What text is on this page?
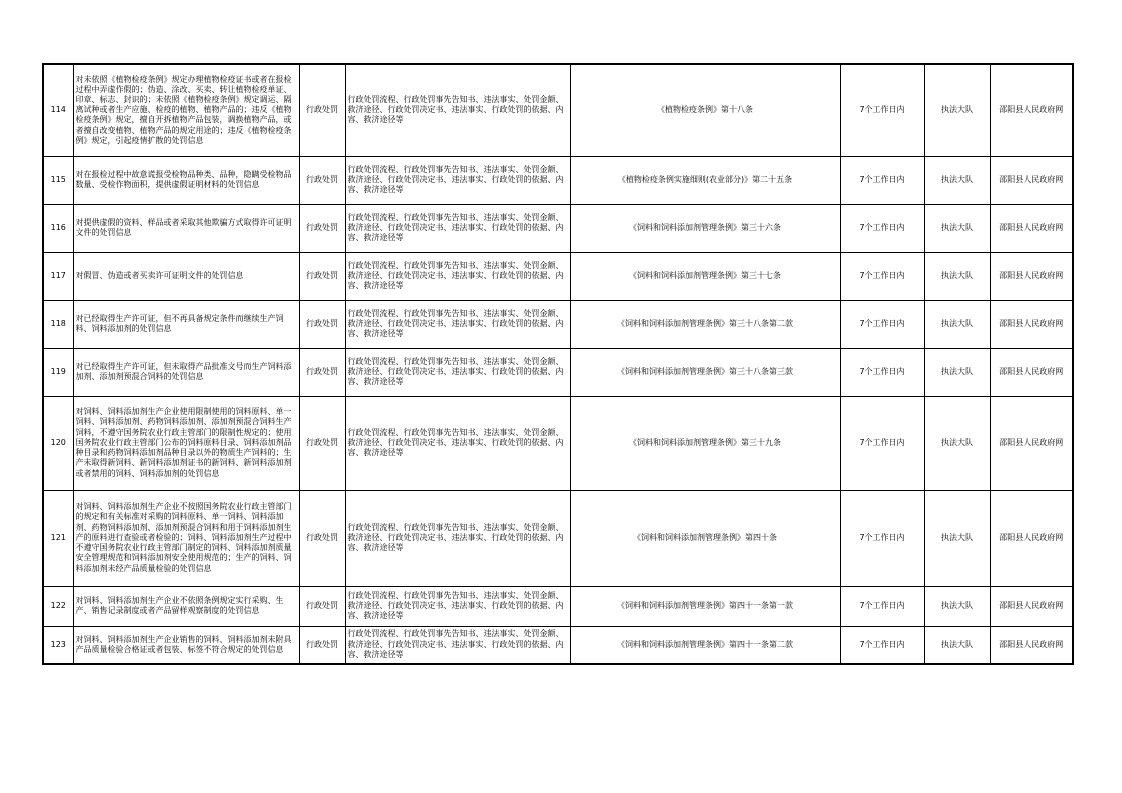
114	对未依照《植物检疫条例》规定办理植物检疫证书或者在报检过程中弄虚作假的；伪造、涂改、买卖、转让植物检疫单证、印章、标志、封识的；未依照《植物检疫条例》规定调运、隔离试种或者生产应施、检疫的植物、植物产品的；违反《植物检疫条例》规定，擅自开拆植物产品包装，调换植物产品，或者擅自改变植物、植物产品的规定用途的；违反《植物检疫条例》规定，引起疫情扩散的处罚信息	行政处罚	行政处罚流程、行政处罚事先告知书、违法事实、处罚金额、救济途径、行政处罚决定书、违法事实、行政处罚的依据、内容、救济途径等	《植物检疫条例》第十八条	7个工作日内	执法大队	邵阳县人民政府网
115	对在报检过程中故意谎报受检物品种类、品种，隐瞒受检物品数量、受检作物面积，提供虚假证明材料的处罚信息	行政处罚	行政处罚流程、行政处罚事先告知书、违法事实、处罚金额、救济途径、行政处罚决定书、违法事实、行政处罚的依据、内容、救济途径等	《植物检疫条例实施细则(农业部分)》第二十五条	7个工作日内	执法大队	邵阳县人民政府网
116	对提供虚假的资料、样品或者采取其他欺骗方式取得许可证明文件的处罚信息	行政处罚	行政处罚流程、行政处罚事先告知书、违法事实、处罚金额、救济途径、行政处罚决定书、违法事实、行政处罚的依据、内容、救济途径等	《饲料和饲料添加剂管理条例》第三十六条	7个工作日内	执法大队	邵阳县人民政府网
117	对假冒、伪造或者买卖许可证明文件的处罚信息	行政处罚	行政处罚流程、行政处罚事先告知书、违法事实、处罚金额、救济途径、行政处罚决定书、违法事实、行政处罚的依据、内容、救济途径等	《饲料和饲料添加剂管理条例》第三十七条	7个工作日内	执法大队	邵阳县人民政府网
118	对已经取得生产许可证，但不再具备规定条件而继续生产饲料、饲料添加剂的处罚信息	行政处罚	行政处罚流程、行政处罚事先告知书、违法事实、处罚金额、救济途径、行政处罚决定书、违法事实、行政处罚的依据、内容、救济途径等	《饲料和饲料添加剂管理条例》第三十八条第二款	7个工作日内	执法大队	邵阳县人民政府网
119	对已经取得生产许可证，但未取得产品批准文号而生产饲料添加剂、添加剂预混合饲料的处罚信息	行政处罚	行政处罚流程、行政处罚事先告知书、违法事实、处罚金额、救济途径、行政处罚决定书、违法事实、行政处罚的依据、内容、救济途径等	《饲料和饲料添加剂管理条例》第三十八条第三款	7个工作日内	执法大队	邵阳县人民政府网
120	对饲料、饲料添加剂生产企业使用限制使用的饲料原料、单一饲料、饲料添加剂、药物饲料添加剂、添加剂预混合饲料生产饲料，不遵守国务院农业行政主管部门的限制性规定的；使用国务院农业行政主管部门公布的饲料原料目录、饲料添加剂品种目录和药物饲料添加剂品种目录以外的物质生产饲料的；生产未取得新饲料、新饲料添加剂证书的新饲料、新饲料添加剂或者禁用的饲料、饲料添加剂的处罚信息	行政处罚	行政处罚流程、行政处罚事先告知书、违法事实、处罚金额、救济途径、行政处罚决定书、违法事实、行政处罚的依据、内容、救济途径等	《饲料和饲料添加剂管理条例》第三十九条	7个工作日内	执法大队	邵阳县人民政府网
121	对饲料、饲料添加剂生产企业不按照国务院农业行政主管部门的规定和有关标准对采购的饲料原料、单一饲料、饲料添加剂、药物饲料添加剂、添加剂预混合饲料和用于饲料添加剂生产的原料进行查验或者检验的；饲料、饲料添加剂生产过程中不遵守国务院农业行政主管部门制定的饲料、饲料添加剂质量安全管理规范和饲料添加剂安全使用规范的；生产的饲料、饲料添加剂未经产品质量检验的处罚信息	行政处罚	行政处罚流程、行政处罚事先告知书、违法事实、处罚金额、救济途径、行政处罚决定书、违法事实、行政处罚的依据、内容、救济途径等	《饲料和饲料添加剂管理条例》第四十条	7个工作日内	执法大队	邵阳县人民政府网
122	对饲料、饲料添加剂生产企业不依照条例规定实行采购、生产、销售记录制度或者产品留样观察制度的处罚信息	行政处罚	行政处罚流程、行政处罚事先告知书、违法事实、处罚金额、救济途径、行政处罚决定书、违法事实、行政处罚的依据、内容、救济途径等	《饲料和饲料添加剂管理条例》第四十一条第一款	7个工作日内	执法大队	邵阳县人民政府网
123	对饲料、饲料添加剂生产企业销售的饲料、饲料添加剂未附具产品质量检验合格证或者包装、标签不符合规定的处罚信息	行政处罚	行政处罚流程、行政处罚事先告知书、违法事实、处罚金额、救济途径、行政处罚决定书、违法事实、行政处罚的依据、内容、救济途径等	《饲料和饲料添加剂管理条例》第四十一条第二款	7个工作日内	执法大队	邵阳县人民政府网
